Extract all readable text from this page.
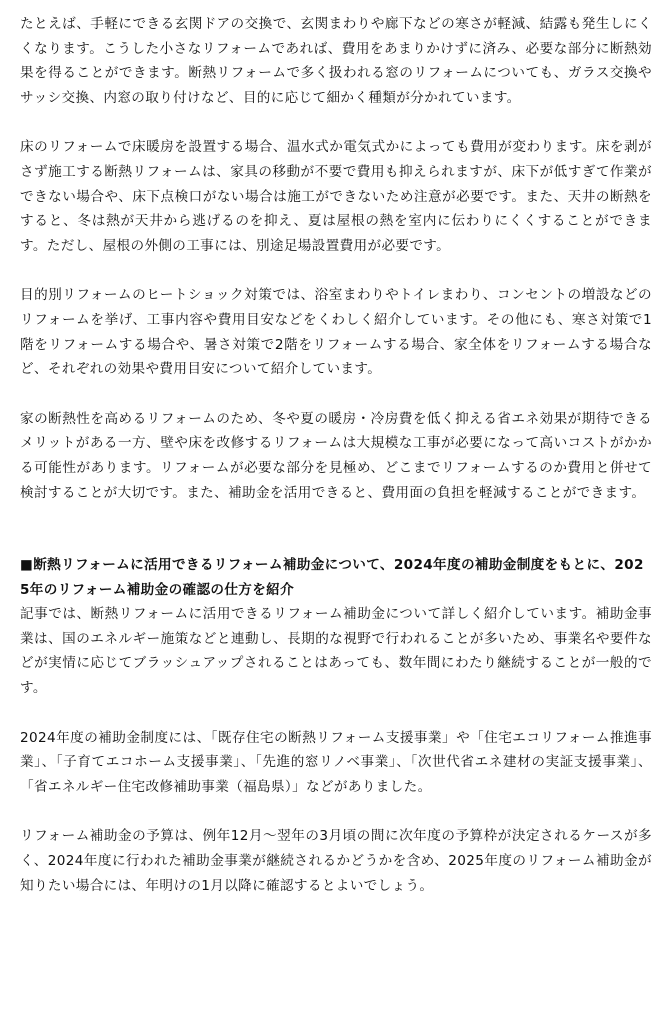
たとえば、手軽にできる玄関ドアの交換で、玄関まわりや廊下などの寒さが軽減、結露も発生しにくくなります。こうした小さなリフォームであれば、費用をあまりかけずに済み、必要な部分に断熱効果を得ることができます。断熱リフォームで多く扱われる窓のリフォームについても、ガラス交換やサッシ交換、内窓の取り付けなど、目的に応じて細かく種類が分かれています。

床のリフォームで床暖房を設置する場合、温水式か電気式かによっても費用が変わります。床を剥がさず施工する断熱リフォームは、家具の移動が不要で費用も抑えられますが、床下が低すぎて作業ができない場合や、床下点検口がない場合は施工ができないため注意が必要です。また、天井の断熱をすると、冬は熱が天井から逃げるのを抑え、夏は屋根の熱を室内に伝わりにくくすることができます。ただし、屋根の外側の工事には、別途足場設置費用が必要です。

目的別リフォームのヒートショック対策では、浴室まわりやトイレまわり、コンセントの増設などのリフォームを挙げ、工事内容や費用目安などをくわしく紹介しています。その他にも、寒さ対策で1階をリフォームする場合や、暑さ対策で2階をリフォームする場合、家全体をリフォームする場合など、それぞれの効果や費用目安について紹介しています。

家の断熱性を高めるリフォームのため、冬や夏の暖房・冷房費を低く抑える省エネ効果が期待できるメリットがある一方、壁や床を改修するリフォームは大規模な工事が必要になって高いコストがかかる可能性があります。リフォームが必要な部分を見極め、どこまでリフォームするのか費用と併せて検討することが大切です。また、補助金を活用できると、費用面の負担を軽減することができます。

■断熱リフォームに活用できるリフォーム補助金について、2024年度の補助金制度をもとに、2025年のリフォーム補助金の確認の仕方を紹介

記事では、断熱リフォームに活用できるリフォーム補助金について詳しく紹介しています。補助金事業は、国のエネルギー施策などと連動し、長期的な視野で行われることが多いため、事業名や要件などが実情に応じてブラッシュアップされることはあっても、数年間にわたり継続することが一般的です。

2024年度の補助金制度には、「既存住宅の断熱リフォーム支援事業」や「住宅エコリフォーム推進事業」、「子育てエコホーム支援事業」、「先進的窓リノベ事業」、「次世代省エネ建材の実証支援事業」、「省エネルギー住宅改修補助事業（福島県）」などがありました。

リフォーム補助金の予算は、例年12月～翌年の3月頃の間に次年度の予算枠が決定されるケースが多く、2024年度に行われた補助金事業が継続されるかどうかを含め、2025年度のリフォーム補助金が知りたい場合には、年明けの1月以降に確認するとよいでしょう。
